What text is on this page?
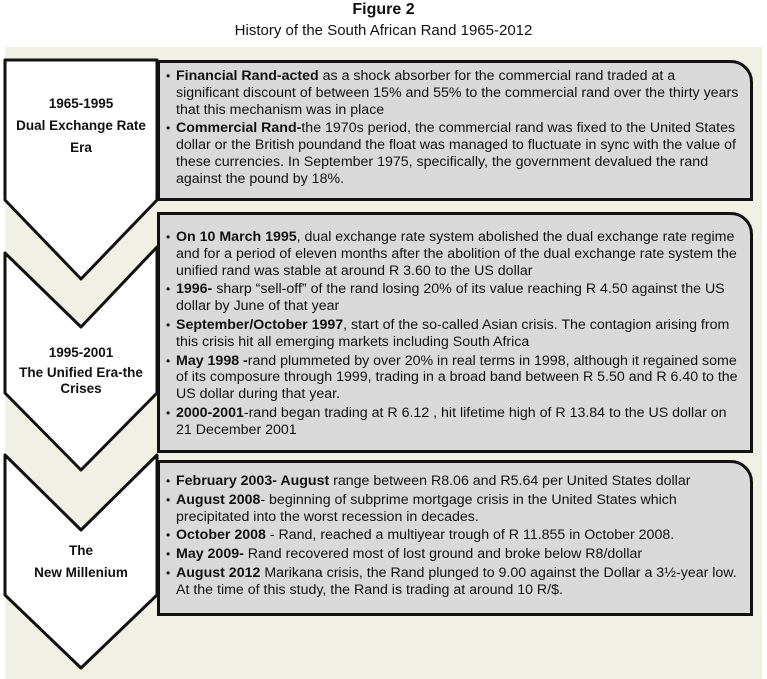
Figure 2
History of the South African Rand 1965-2012
1965-1995
Dual Exchange Rate
Era
1995-2001
The Unified Era-the
Crises
The
New Millenium
• Financial Rand-acted as a shock absorber for the commercial rand traded at a significant discount of between 15% and 55% to the commercial rand over the thirty years that this mechanism was in place
• Commercial Rand-the 1970s period, the commercial rand was fixed to the United States dollar or the British poundand the float was managed to fluctuate in sync with the value of these currencies. In September 1975, specifically, the government devalued the rand against the pound by 18%.
• On 10 March 1995, dual exchange rate system abolished the dual exchange rate regime and for a period of eleven months after the abolition of the dual exchange rate system the unified rand was stable at around R 3.60 to the US dollar
• 1996- sharp “sell-off” of the rand losing 20% of its value reaching R 4.50 against the US dollar by June of that year
• September/October 1997, start of the so-called Asian crisis. The contagion arising from this crisis hit all emerging markets including South Africa
• May 1998 -rand plummeted by over 20% in real terms in 1998, although it regained some of its composure through 1999, trading in a broad band between R 5.50 and R 6.40 to the US dollar during that year.
• 2000-2001-rand began trading at R 6.12 , hit lifetime high of R 13.84 to the US dollar on 21 December 2001
• February 2003- August range between R8.06 and R5.64 per United States dollar
• August 2008- beginning of subprime mortgage crisis in the United States which precipitated into the worst recession in decades.
• October 2008 - Rand, reached a multiyear trough of R 11.855 in October 2008.
• May 2009- Rand recovered most of lost ground and broke below R8/dollar
• August 2012 Marikana crisis, the Rand plunged to 9.00 against the Dollar a 3½-year low. At the time of this study, the Rand is trading at around 10 R/$.
